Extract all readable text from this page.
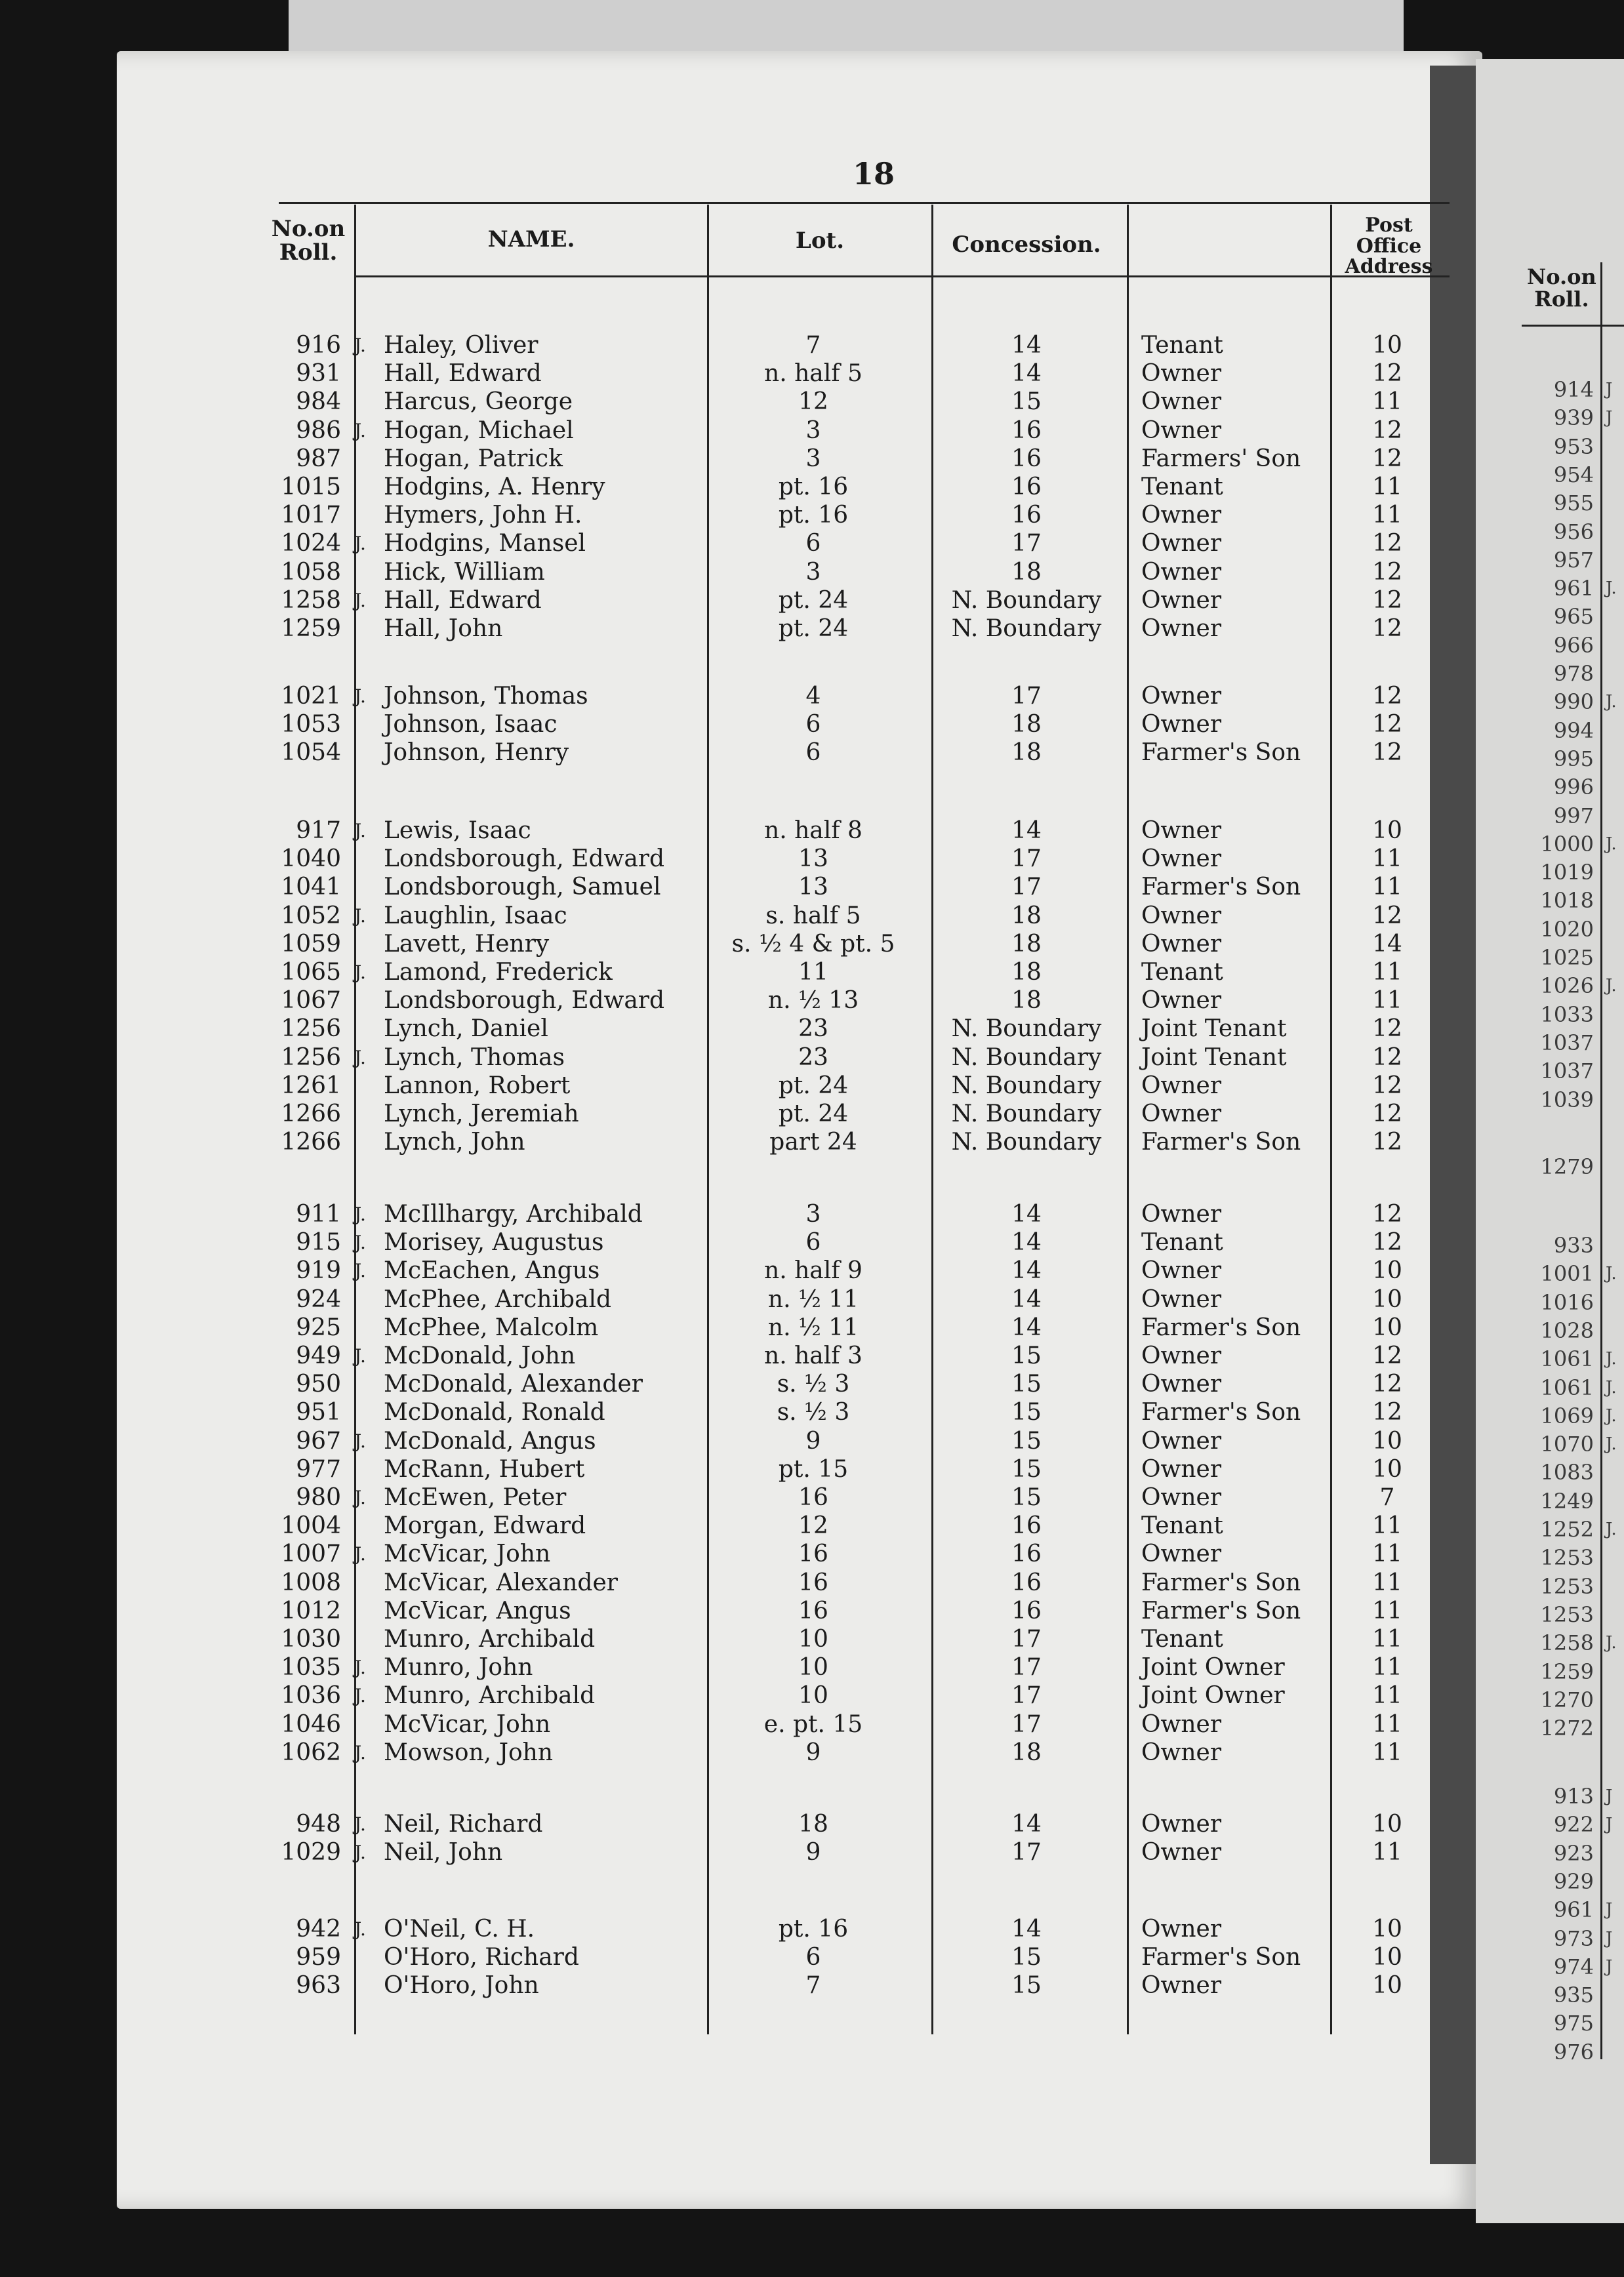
18
No.on
Roll.	NAME.	Lot.	Concession.
Post
Office
Address
916 J. Haley, Oliver	7	14	Tenant	10
931 Hall, Edward	n. half 5	14	Owner	12
984 Harcus, George	12	15	Owner	11
986 J. Hogan, Michael	3	16	Owner	12
987 Hogan, Patrick	3	16	Farmers' Son	12
1015 Hodgins, A. Henry	pt. 16	16	Tenant	11
1017 Hymers, John H.	pt. 16	16	Owner	11
1024 J. Hodgins, Mansel	6	17	Owner	12
1058 Hick, William	3	18	Owner	12
1258 J. Hall, Edward	pt. 24	N. Boundary	Owner	12
1259 Hall, John	pt. 24	N. Boundary	Owner	12
1021 J. Johnson, Thomas	4	17	Owner	12
1053 Johnson, Isaac	6	18	Owner	12
1054 Johnson, Henry	6	18	Farmer's Son	12
917 J. Lewis, Isaac	n. half 8	14	Owner	10
1040 Londsborough, Edward	13	17	Owner	11
1041 Londsborough, Samuel	13	17	Farmer's Son	11
1052 J. Laughlin, Isaac	s. half 5	18	Owner	12
1059 Lavett, Henry	s. ½ 4 & pt. 5	18	Owner	14
1065 J. Lamond, Frederick	11	18	Tenant	11
1067 Londsborough, Edward	n. ½ 13	18	Owner	11
1256 Lynch, Daniel	23	N. Boundary	Joint Tenant	12
1256 J. Lynch, Thomas	23	N. Boundary	Joint Tenant	12
1261 Lannon, Robert	pt. 24	N. Boundary	Owner	12
1266 Lynch, Jeremiah	pt. 24	N. Boundary	Owner	12
1266 Lynch, John	part 24	N. Boundary	Farmer's Son	12
911 J. McIllhargy, Archibald	3	14	Owner	12
915 J. Morisey, Augustus	6	14	Tenant	12
919 J. McEachen, Angus	n. half 9	14	Owner	10
924 McPhee, Archibald	n. ½ 11	14	Owner	10
925 McPhee, Malcolm	n. ½ 11	14	Farmer's Son	10
949 J. McDonald, John	n. half 3	15	Owner	12
950 McDonald, Alexander	s. ½ 3	15	Owner	12
951 McDonald, Ronald	s. ½ 3	15	Farmer's Son	12
967 J. McDonald, Angus	9	15	Owner	10
977 McRann, Hubert	pt. 15	15	Owner	10
980 J. McEwen, Peter	16	15	Owner	7
1004 Morgan, Edward	12	16	Tenant	11
1007 J. McVicar, John	16	16	Owner	11
1008 McVicar, Alexander	16	16	Farmer's Son	11
1012 McVicar, Angus	16	16	Farmer's Son	11
1030 Munro, Archibald	10	17	Tenant	11
1035 J. Munro, John	10	17	Joint Owner	11
1036 J. Munro, Archibald	10	17	Joint Owner	11
1046 McVicar, John	e. pt. 15	17	Owner	11
1062 J. Mowson, John	9	18	Owner	11
948 J. Neil, Richard	18	14	Owner	10
1029 J. Neil, John	9	17	Owner	11
942 J. O'Neil, C. H.	pt. 16	14	Owner	10
959 O'Horo, Richard	6	15	Farmer's Son	10
963 O'Horo, John	7	15	Owner	10
No.on
Roll.
914 J
939 J
953
954
955
956
957
961 J.
965
966
978
990 J.
994
995
996
997
1000 J.
1019
1018
1020
1025
1026 J.
1033
1037
1037
1039
1279
933
1001 J.
1016
1028
1061 J.
1061 J.
1069 J.
1070 J.
1083
1249
1252 J.
1253
1253
1253
1258 J.
1259
1270
1272
913 J
922 J
923
929
961 J
973 J
974 J
935
975
976
